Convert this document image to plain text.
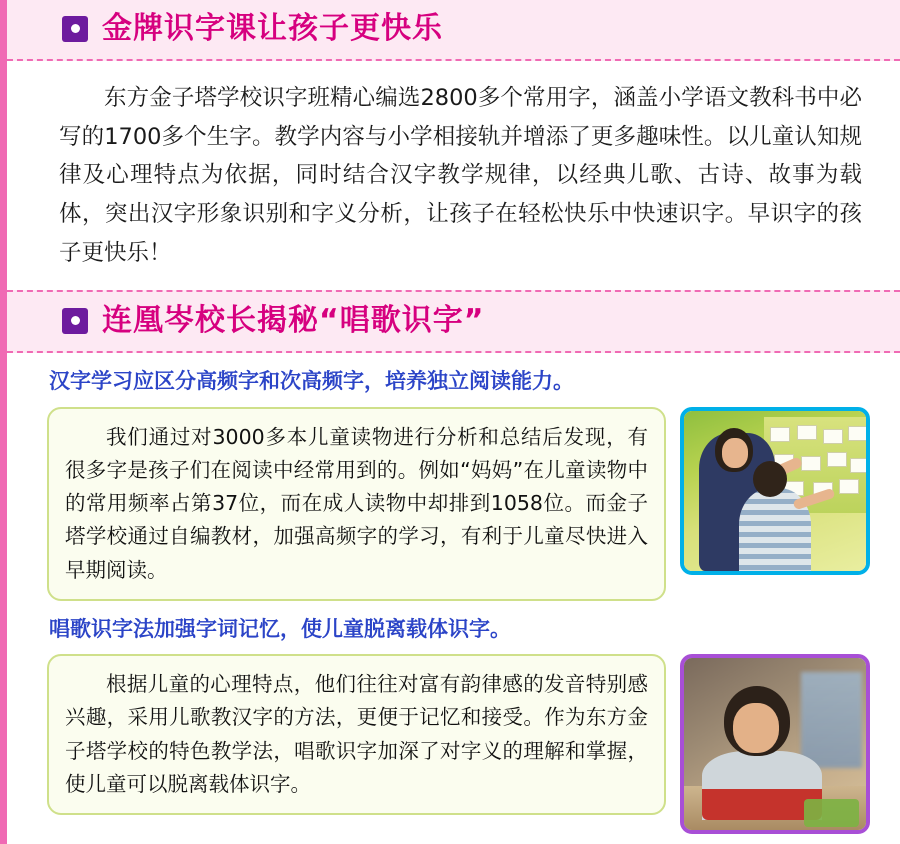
金牌识字课让孩子更快乐

东方金子塔学校识字班精心编选2800多个常用字，涵盖小学语文教科书中必写的1700多个生字。教学内容与小学相接轨并增添了更多趣味性。以儿童认知规律及心理特点为依据，同时结合汉字教学规律，以经典儿歌、古诗、故事为载体，突出汉字形象识别和字义分析，让孩子在轻松快乐中快速识字。早识字的孩子更快乐！

连凰岑校长揭秘“唱歌识字”

汉字学习应区分高频字和次高频字，培养独立阅读能力。

我们通过对3000多本儿童读物进行分析和总结后发现，有很多字是孩子们在阅读中经常用到的。例如“妈妈”在儿童读物中的常用频率占第37位，而在成人读物中却排到1058位。而金子塔学校通过自编教材，加强高频字的学习，有利于儿童尽快进入早期阅读。

唱歌识字法加强字词记忆，使儿童脱离载体识字。

根据儿童的心理特点，他们往往对富有韵律感的发音特别感兴趣，采用儿歌教汉字的方法，更便于记忆和接受。作为东方金子塔学校的特色教学法，唱歌识字加深了对字义的理解和掌握，使儿童可以脱离载体识字。
